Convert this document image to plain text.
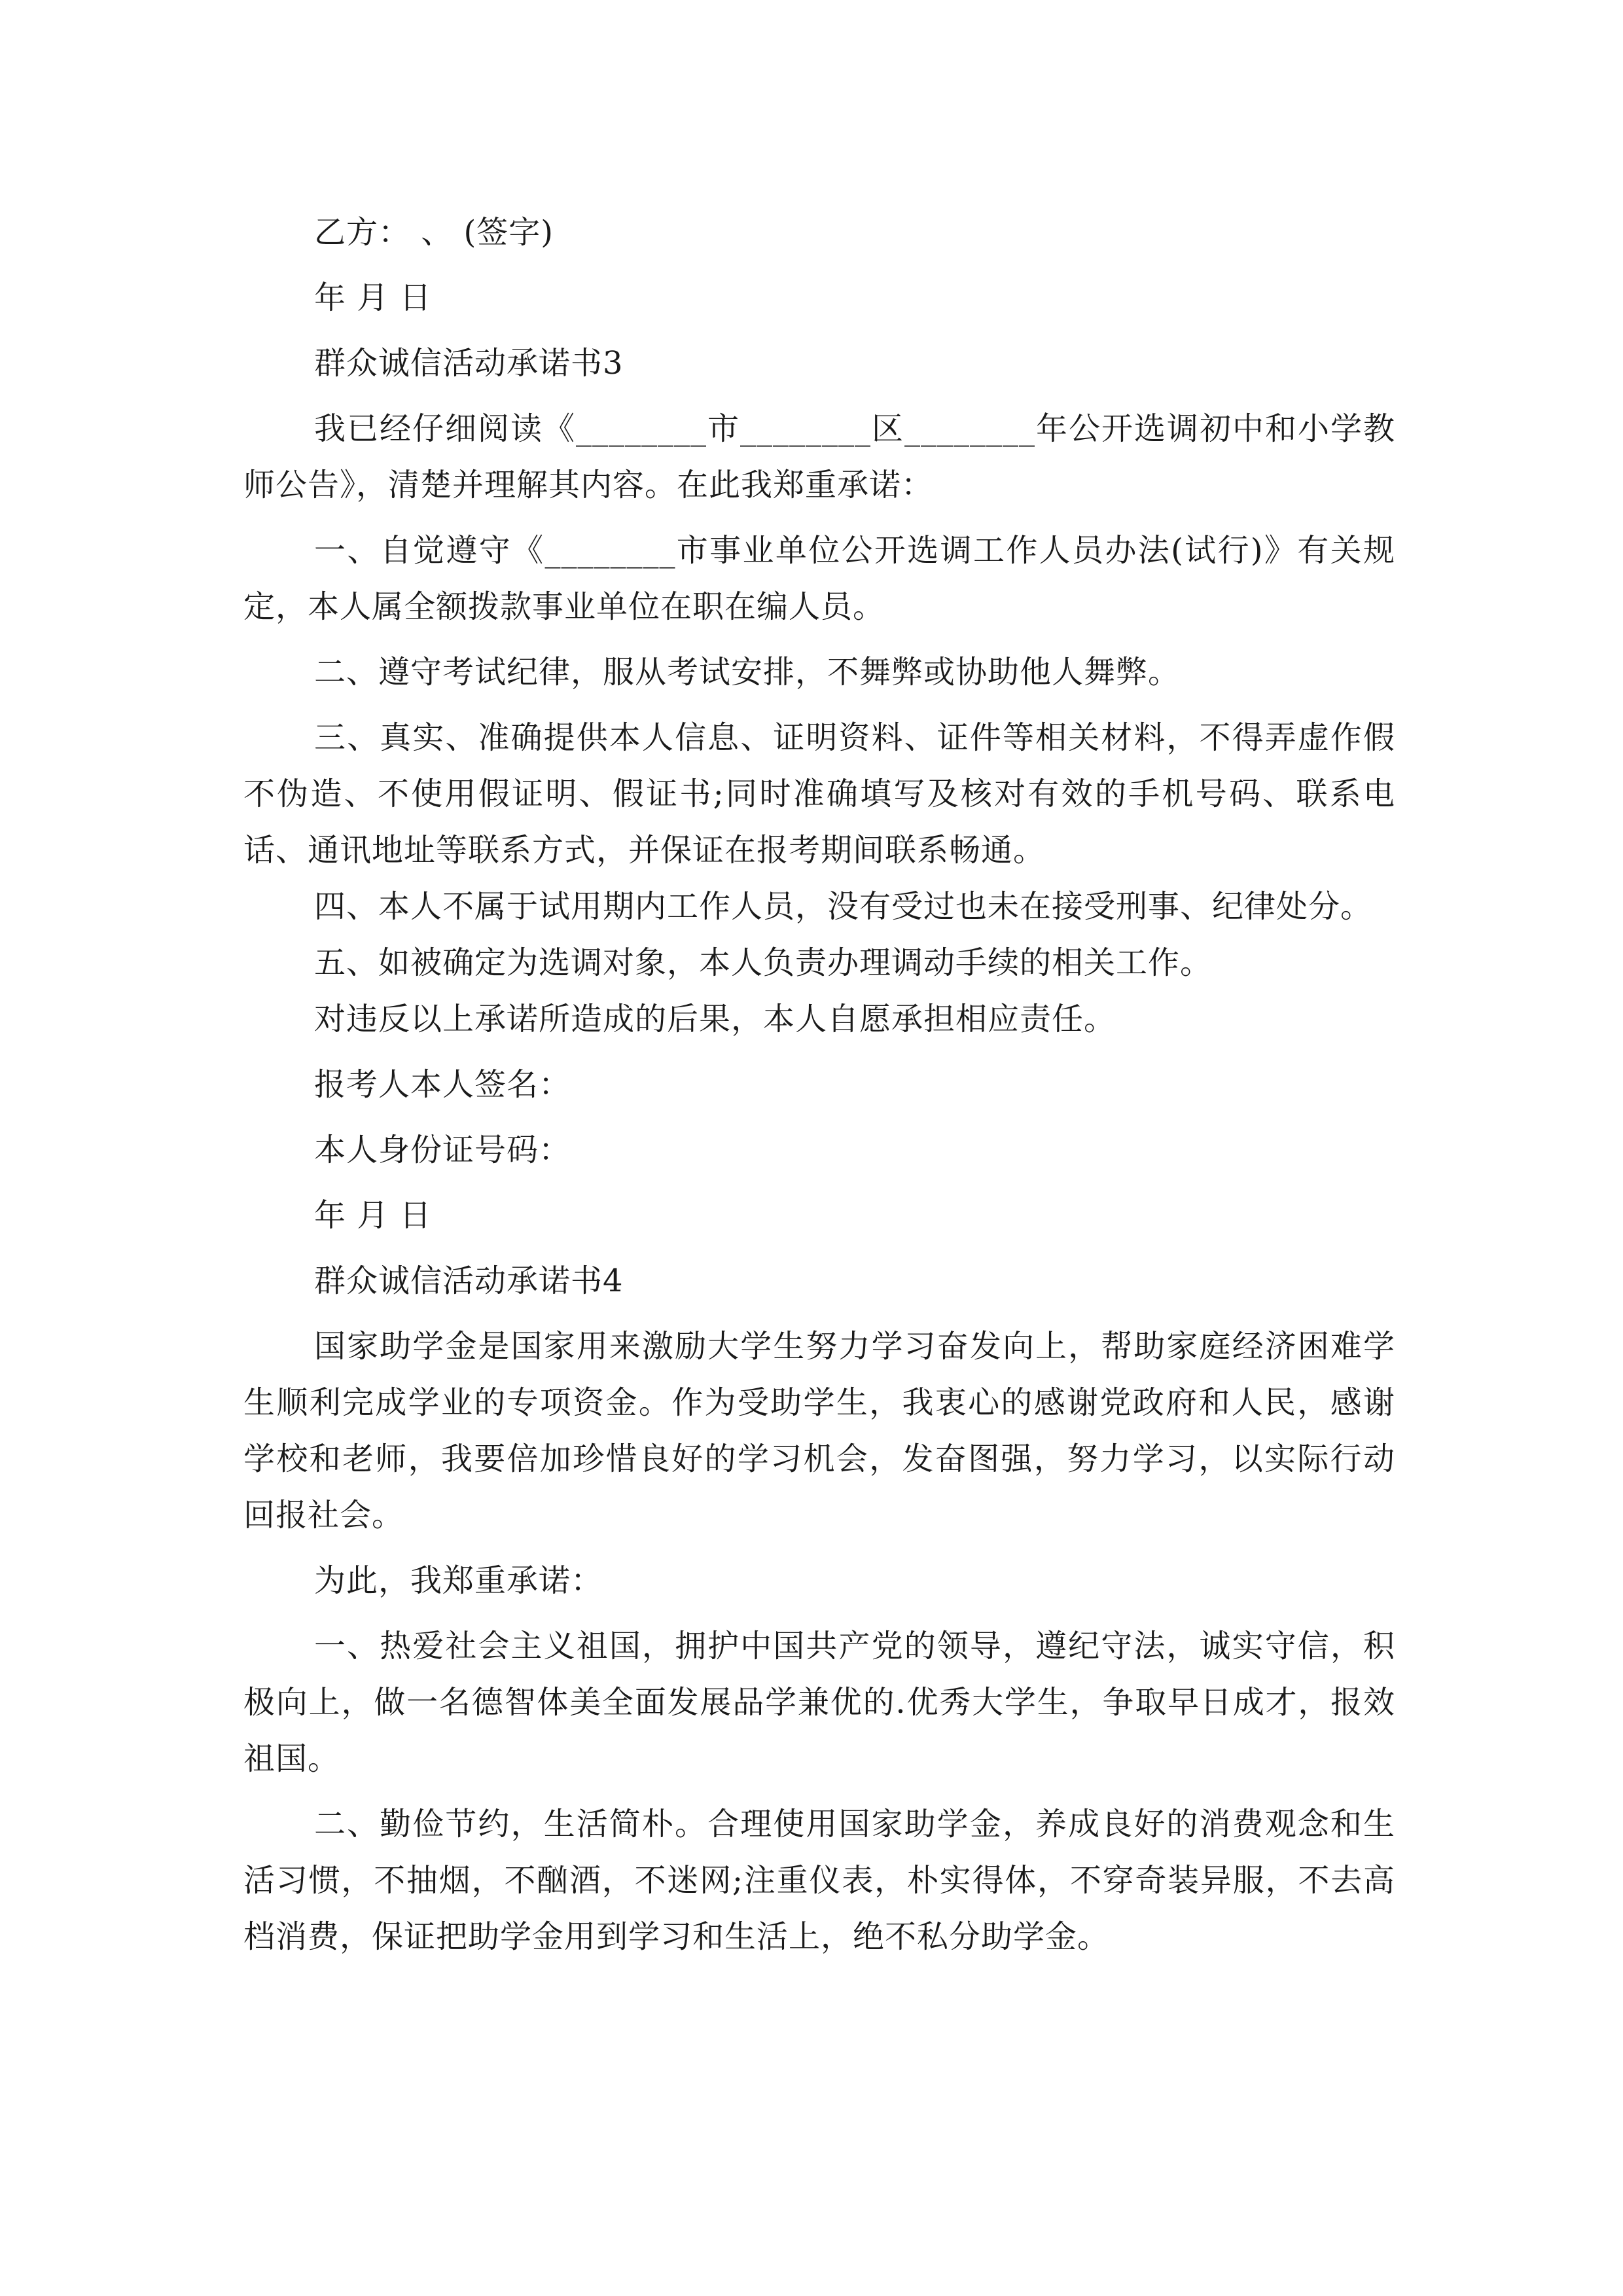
乙方： 、 (签字)

年 月 日

群众诚信活动承诺书3

我已经仔细阅读《________市________区________年公开选调初中和小学教师公告》，清楚并理解其内容。在此我郑重承诺：

一、自觉遵守《________市事业单位公开选调工作人员办法(试行)》有关规定，本人属全额拨款事业单位在职在编人员。

二、遵守考试纪律，服从考试安排，不舞弊或协助他人舞弊。

三、真实、准确提供本人信息、证明资料、证件等相关材料，不得弄虚作假不伪造、不使用假证明、假证书;同时准确填写及核对有效的手机号码、联系电话、通讯地址等联系方式，并保证在报考期间联系畅通。

四、本人不属于试用期内工作人员，没有受过也未在接受刑事、纪律处分。

五、如被确定为选调对象，本人负责办理调动手续的相关工作。

对违反以上承诺所造成的后果，本人自愿承担相应责任。

报考人本人签名：

本人身份证号码：

年 月 日

群众诚信活动承诺书4

国家助学金是国家用来激励大学生努力学习奋发向上，帮助家庭经济困难学生顺利完成学业的专项资金。作为受助学生，我衷心的感谢党政府和人民，感谢学校和老师，我要倍加珍惜良好的学习机会，发奋图强，努力学习，以实际行动回报社会。

为此，我郑重承诺：

一、热爱社会主义祖国，拥护中国共产党的领导，遵纪守法，诚实守信，积极向上，做一名德智体美全面发展品学兼优的.优秀大学生，争取早日成才，报效祖国。

二、勤俭节约，生活简朴。合理使用国家助学金，养成良好的消费观念和生活习惯，不抽烟，不酗酒，不迷网;注重仪表，朴实得体，不穿奇装异服，不去高档消费，保证把助学金用到学习和生活上，绝不私分助学金。
